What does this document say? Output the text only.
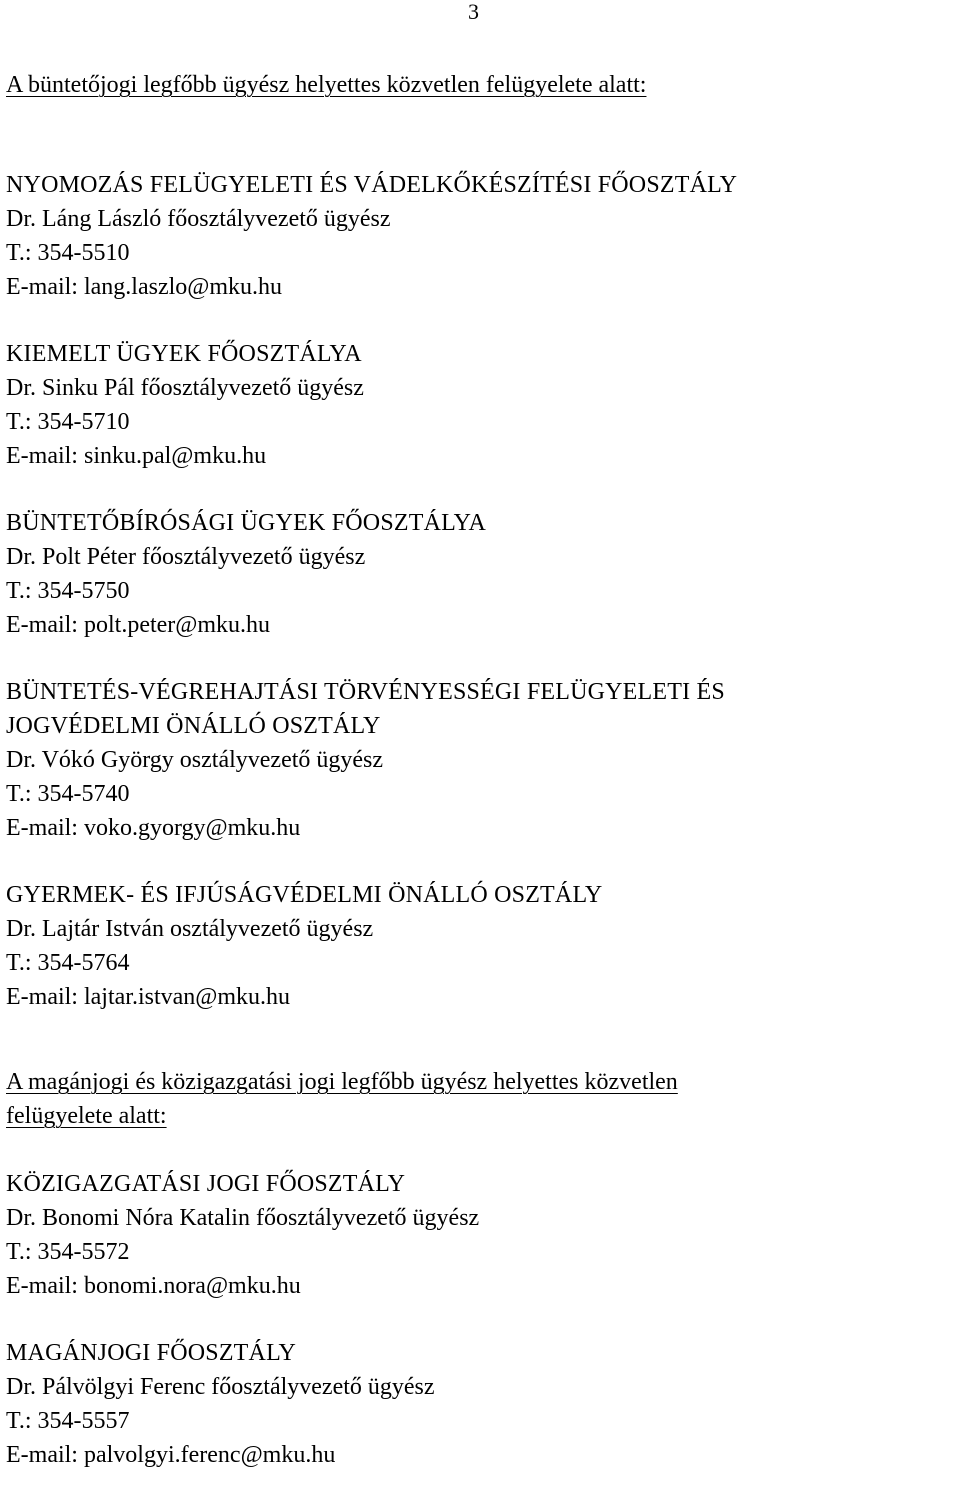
3

A büntetőjogi legfőbb ügyész helyettes közvetlen felügyelete alatt:

NYOMOZÁS FELÜGYELETI ÉS VÁDELKŐKÉSZÍTÉSI FŐOSZTÁLY

Dr. Láng László főosztályvezető ügyész

T.: 354-5510

E-mail: lang.laszlo@mku.hu

KIEMELT ÜGYEK FŐOSZTÁLYA

Dr. Sinku Pál főosztályvezető ügyész

T.: 354-5710

E-mail: sinku.pal@mku.hu

BÜNTETŐBÍRÓSÁGI ÜGYEK FŐOSZTÁLYA

Dr. Polt Péter főosztályvezető ügyész

T.: 354-5750

E-mail: polt.peter@mku.hu

BÜNTETÉS-VÉGREHAJTÁSI TÖRVÉNYESSÉGI FELÜGYELETI ÉS

JOGVÉDELMI ÖNÁLLÓ OSZTÁLY

Dr. Vókó György osztályvezető ügyész

T.: 354-5740

E-mail: voko.gyorgy@mku.hu

GYERMEK- ÉS IFJÚSÁGVÉDELMI ÖNÁLLÓ OSZTÁLY

Dr. Lajtár István osztályvezető ügyész

T.: 354-5764

E-mail: lajtar.istvan@mku.hu

A magánjogi és közigazgatási jogi legfőbb ügyész helyettes közvetlen

felügyelete alatt:

KÖZIGAZGATÁSI JOGI FŐOSZTÁLY

Dr. Bonomi Nóra Katalin főosztályvezető ügyész

T.: 354-5572

E-mail: bonomi.nora@mku.hu

MAGÁNJOGI FŐOSZTÁLY

Dr. Pálvölgyi Ferenc főosztályvezető ügyész

T.: 354-5557

E-mail: palvolgyi.ferenc@mku.hu
